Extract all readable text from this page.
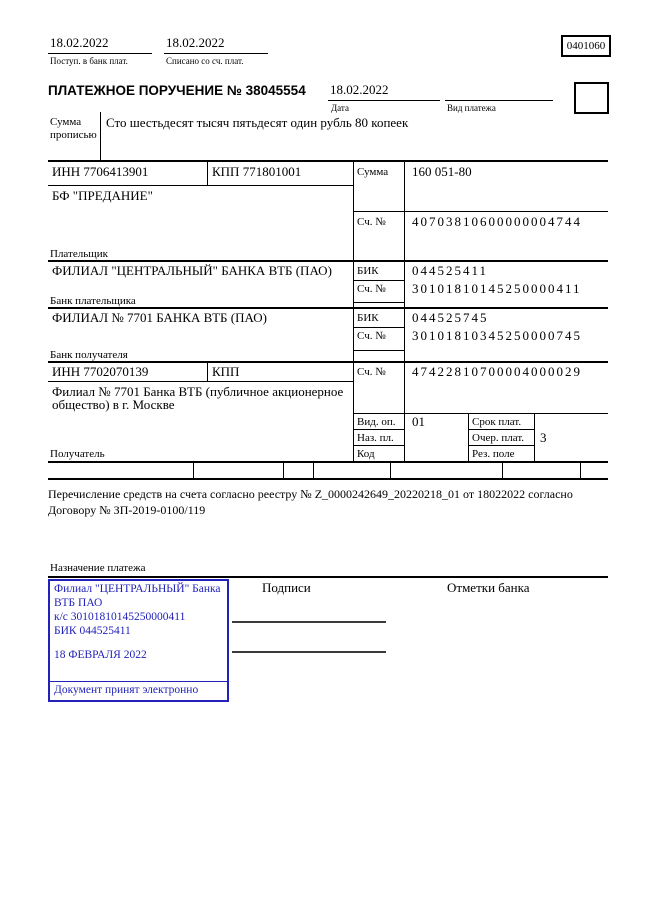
18.02.2022
Поступ. в банк плат.
18.02.2022
Списано со сч. плат.
0401060
ПЛАТЕЖНОЕ ПОРУЧЕНИЕ № 38045554 18.02.2022
Дата	Вид платежа
Сумма
прописью
Сто шестьдесят тысяч пятьдесят один рубль 80 копеек
ИНН 7706413901	КПП 771801001	Сумма 160 051-80
БФ "ПРЕДАНИЕ"
Сч. № 40703810600000004744
Плательщик
ФИЛИАЛ "ЦЕНТРАЛЬНЫЙ" БАНКА ВТБ (ПАО) БИК	044525411
Сч. № 30101810145250000411
Банк плательщика
ФИЛИАЛ № 7701 БАНКА ВТБ (ПАО)	БИК	044525745
Сч. № 30101810345250000745
Банк получателя
ИНН 7702070139	КПП	Сч. № 47422810700004000029
Филиал № 7701 Банка ВТБ (публичное акционерное
общество) в г. Москве
Вид. оп. 01	Срок плат.
Наз. пл.	Очер. плат. 3
Код	Рез. поле
Получатель
Перечисление средств на счета согласно реестру № Z_0000242649_20220218_01 от 18022022 согласно
Договору № ЗП-2019-0100/119
Назначение платежа
Подписи	Отметки банка
Филиал "ЦЕНТРАЛЬНЫЙ" Банка
ВТБ ПАО
к/с 30101810145250000411
БИК 044525411
18 ФЕВРАЛЯ 2022
Документ принят электронно
